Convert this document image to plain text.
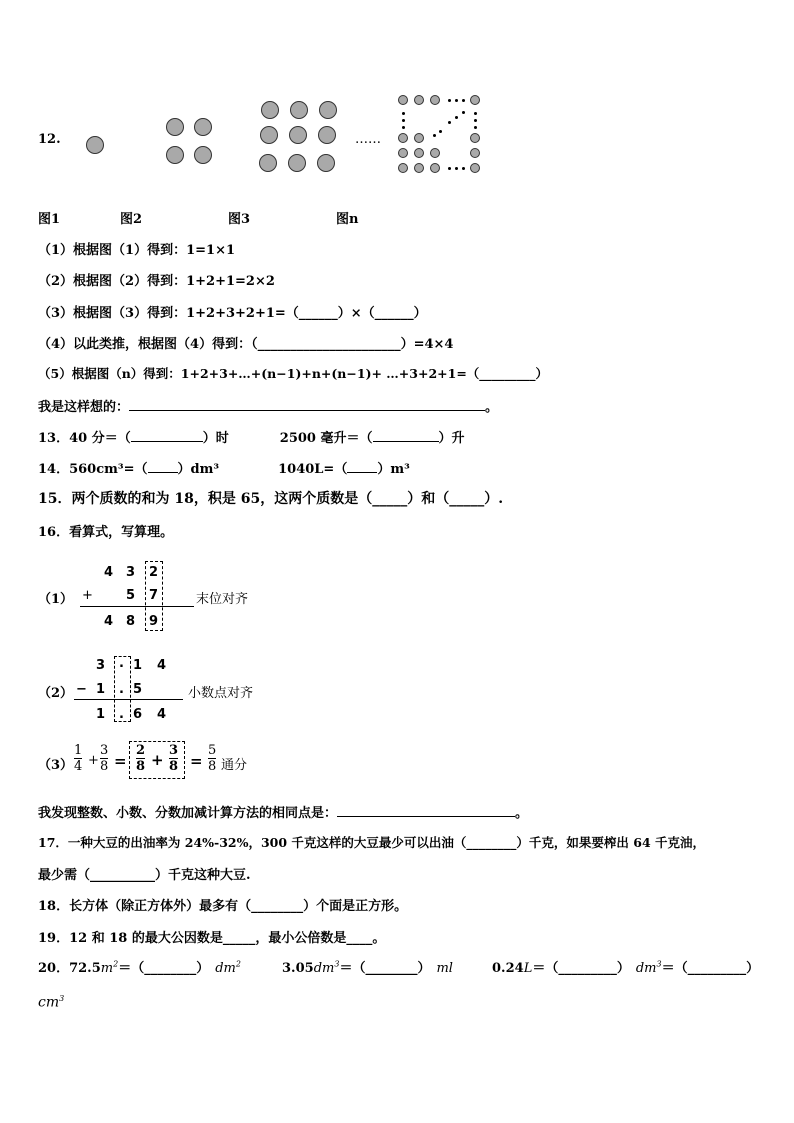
12.	……
图1	图2	图3	图n
（1）根据图（1）得到：1=1×1
（2）根据图（2）得到：1+2+1=2×2
（3）根据图（3）得到：1+2+3+2+1=（______）×（______）
（4）以此类推，根据图（4）得到：（______________________）=4×4
（5）根据图（n）得到：1+2+3+…+(n−1)+n+(n−1)+ …+3+2+1=（_________）
我是这样想的：	。
13．40 分＝（	）时	2500 毫升＝（	）升
14．560cm³=（ ）dm³	1040L=（ ）m³
15．两个质数的和为 18，积是 65，这两个质数是（_____）和（_____）.
16．看算式，写算理。
（1）
4 3 2
+	5 7
4 8 9
末位对齐
（2）
3 . 1 4
− 1 . 5
1 . 6 4
小数点对齐
（3）
1
4 +
3
8 =
2
8 +
3
8 =
5
8 通分
我发现整数、小数、分数加减计算方法的相同点是：	。
17．一种大豆的出油率为 24%-32%，300 千克这样的大豆最少可以出油（________）千克，如果要榨出 64 千克油，
最少需（__________）千克这种大豆.
18．长方体（除正方体外）最多有（________）个面是正方形。
19．12 和 18 的最大公因数是_____，最小公倍数是____。
20．$72.5m^2=(\_\_\_\_\_\_\_\_)$ $dm^2$	$3.05dm^3=(\_\_\_\_\_\_\_\_)$ ml	0.24L＝（_________） $dm^3=(\_\_\_\_\_\_\_\_\_)$
$cm^3$
